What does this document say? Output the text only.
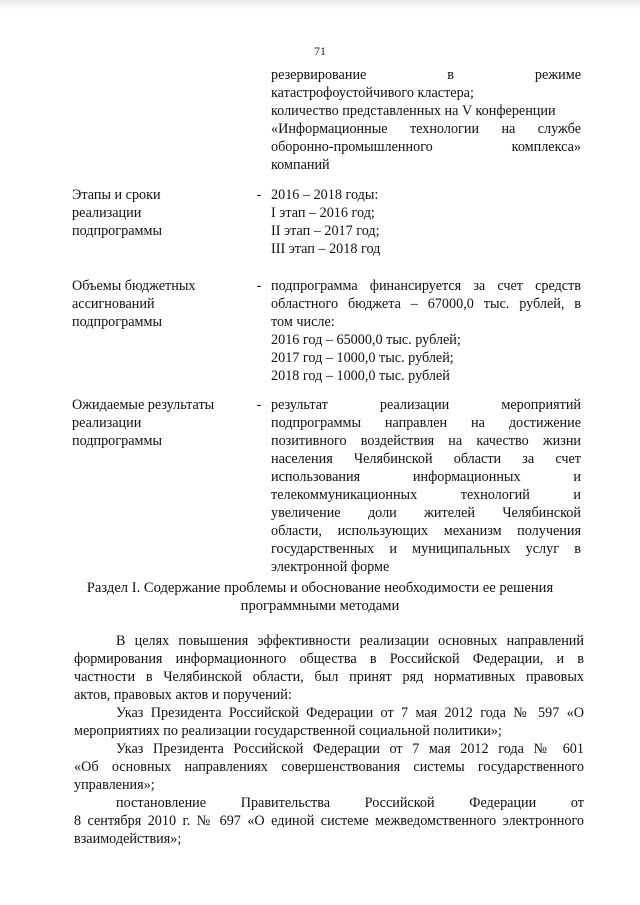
71
резервирование в режиме
катастрофоустойчивого кластера;
количество представленных на V конференции
«Информационные технологии на службе
оборонно-промышленного комплекса»
компаний
Этапы и сроки
реализации
подпрограммы
- 2016 – 2018 годы:
I этап – 2016 год;
II этап – 2017 год;
III этап – 2018 год
Объемы бюджетных
ассигнований
подпрограммы
- подпрограмма финансируется за счет средств
областного бюджета – 67000,0 тыс. рублей, в
том числе:
2016 год – 65000,0 тыс. рублей;
2017 год – 1000,0 тыс. рублей;
2018 год – 1000,0 тыс. рублей
Ожидаемые результаты
реализации
подпрограммы
- результат реализации мероприятий
подпрограммы направлен на достижение
позитивного воздействия на качество жизни
населения Челябинской области за счет
использования информационных и
телекоммуникационных технологий и
увеличение доли жителей Челябинской
области, использующих механизм получения
государственных и муниципальных услуг в
электронной форме
Раздел I. Содержание проблемы и обоснование необходимости ее решения
программными методами
В целях повышения эффективности реализации основных направлений
формирования информационного общества в Российской Федерации, и в
частности в Челябинской области, был принят ряд нормативных правовых
актов, правовых актов и поручений:
Указ Президента Российской Федерации от 7 мая 2012 года № 597 «О
мероприятиях по реализации государственной социальной политики»;
Указ Президента Российской Федерации от 7 мая 2012 года № 601
«Об основных направлениях совершенствования системы государственного
управления»;
постановление Правительства Российской Федерации от
8 сентября 2010 г. № 697 «О единой системе межведомственного электронного
взаимодействия»;
